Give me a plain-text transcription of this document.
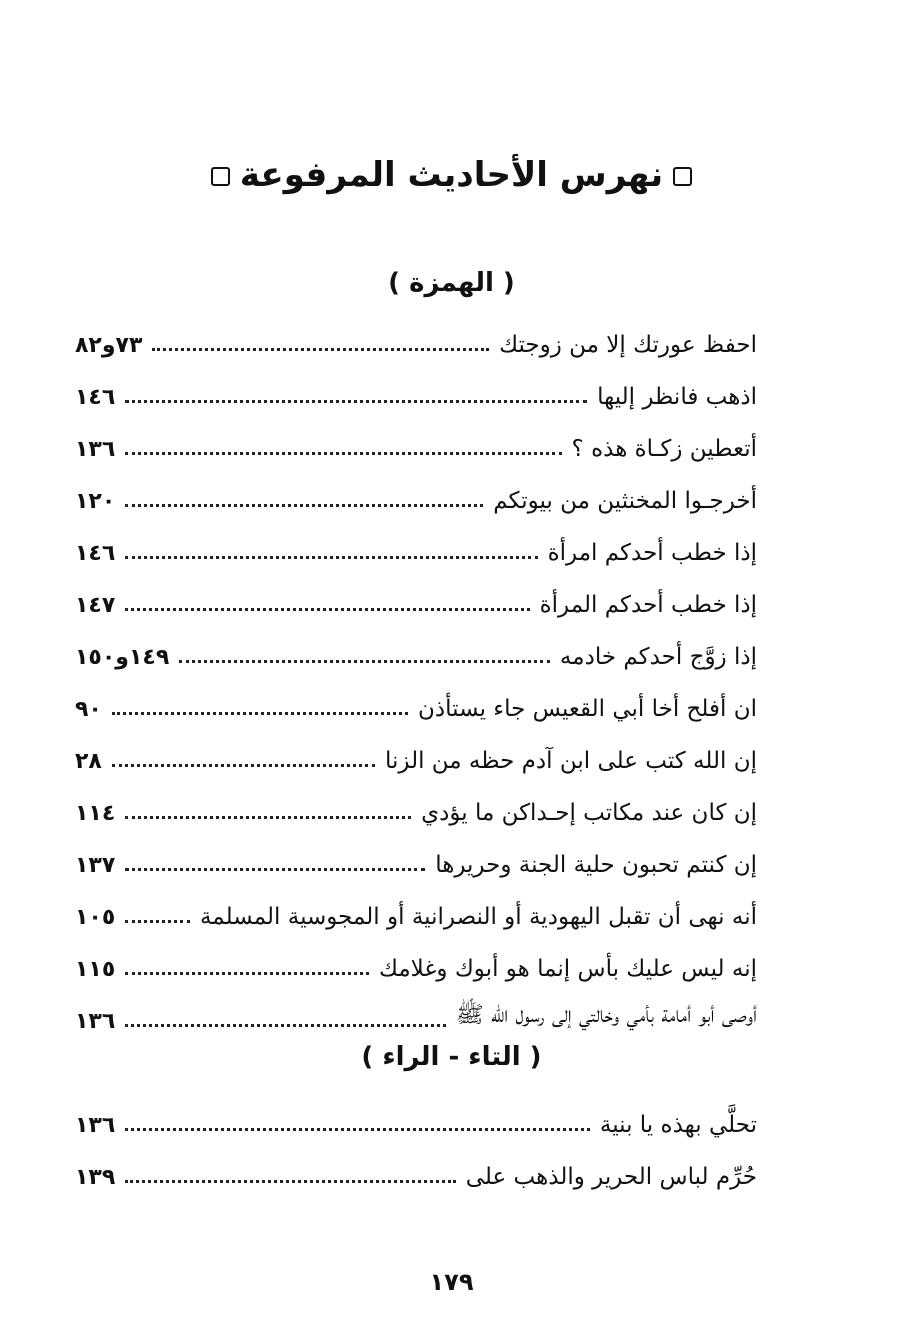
نهرس الأحاديث المرفوعة
( الهمزة )
احفظ عورتك إلا من زوجتك
٧٣و٨٢
اذهب فانظر إليها
١٤٦
أتعطين زكـاة هذه ؟
١٣٦
أخرجـوا المخنثين من بيوتكم
١٢٠
إذا خطب أحدكم امرأة
١٤٦
إذا خطب أحدكم المرأة
١٤٧
إذا زوَّج أحدكم خادمه
١٤٩و١٥٠
ان أفلح أخا أبي القعيس جاء يستأذن
٩٠
إن الله كتب على ابن آدم حظه من الزنا
٢٨
إن كان عند مكاتب إحـداكن ما يؤدي
١١٤
إن كنتم تحبون حلية الجنة وحريرها
١٣٧
أنه نهى أن تقبل اليهودية أو النصرانية أو المجوسية المسلمة
١٠٥
إنه ليس عليك بأس إنما هو أبوك وغلامك
١١٥
أوصى أبو أمامة بأمي وخالتي إلى رسول الله ﷺ
١٣٦
( التاء - الراء )
تحلَّي بهذه يا بنية
١٣٦
حُرِّم لباس الحرير والذهب على
١٣٩
١٧٩
